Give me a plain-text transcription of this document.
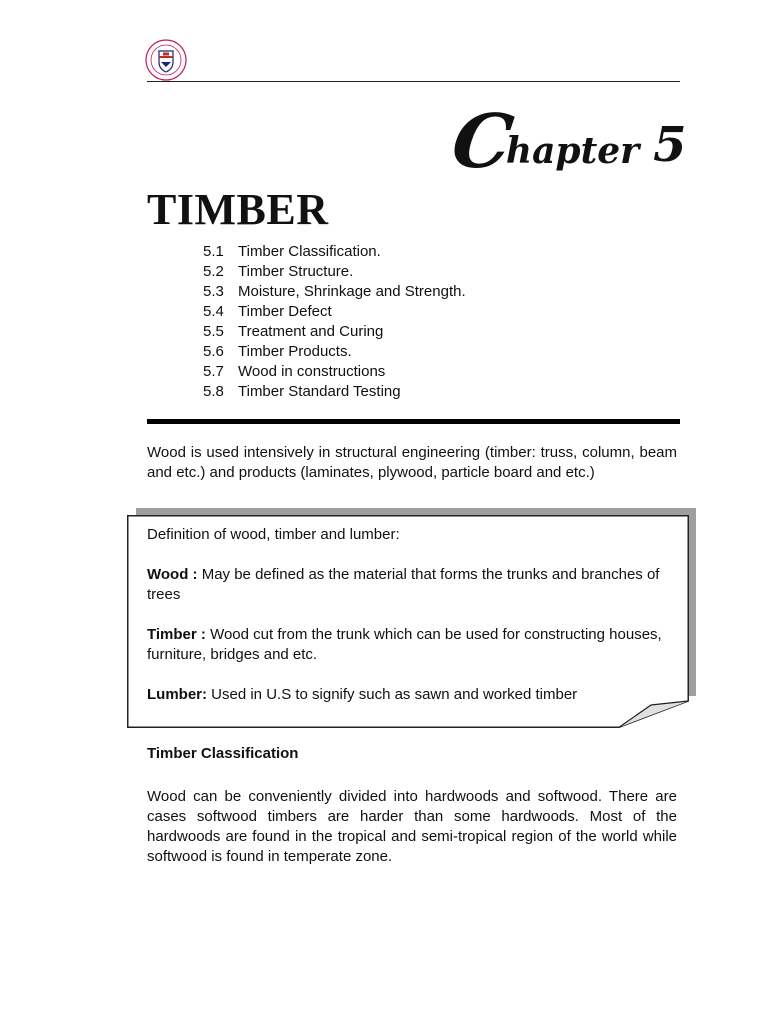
Chapter 5
TIMBER
5.1 Timber Classification.
5.2 Timber Structure.
5.3 Moisture, Shrinkage and Strength.
5.4 Timber Defect
5.5 Treatment and Curing
5.6 Timber Products.
5.7 Wood in constructions
5.8 Timber Standard Testing

Wood is used intensively in structural engineering (timber: truss, column, beam and etc.) and products (laminates, plywood, particle board and etc.)

Definition of wood, timber and lumber:

Wood : May be defined as the material that forms the trunks and branches of trees

Timber : Wood cut from the trunk which can be used for constructing houses, furniture, bridges and etc.

Lumber: Used in U.S to signify such as sawn and worked timber

Timber Classification

Wood can be conveniently divided into hardwoods and softwood. There are cases softwood timbers are harder than some hardwoods. Most of the hardwoods are found in the tropical and semi-tropical region of the world while softwood is found in temperate zone.
